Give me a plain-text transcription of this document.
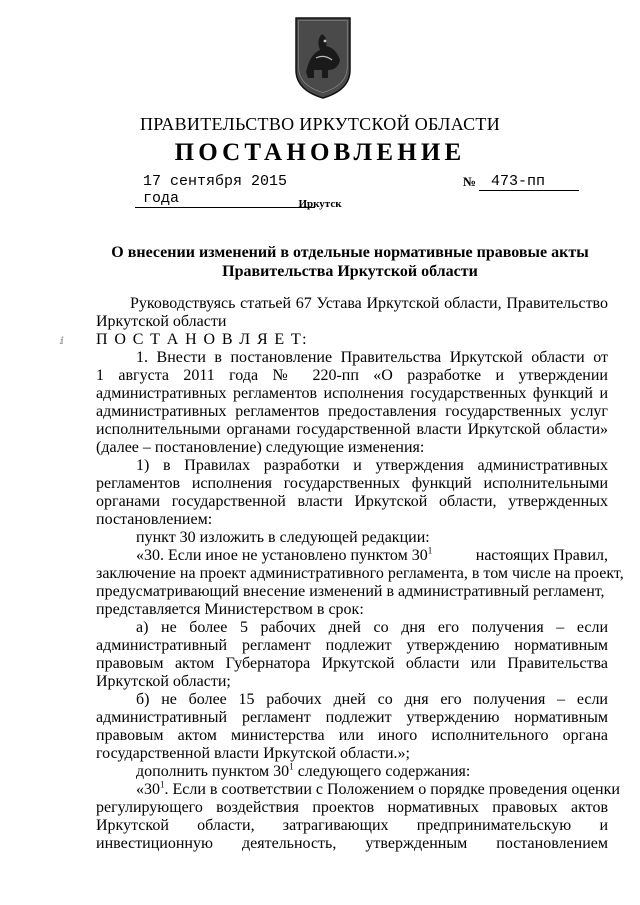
ПРАВИТЕЛЬСТВО ИРКУТСКОЙ ОБЛАСТИ
ПОСТАНОВЛЕНИЕ
17 сентября 2015 года
№ 473-пп
Иркутск
О внесении изменений в отдельные нормативные правовые акты
Правительства Иркутской области
ⅈ
Руководствуясь статьей 67 Устава Иркутской области, Правительство
Иркутской области
П О С Т А Н О В Л Я Е Т:
1. Внести в постановление Правительства Иркутской области от
1 августа 2011 года № 220-пп «О разработке и утверждении
административных регламентов исполнения государственных функций и
административных регламентов предоставления государственных услуг
исполнительными органами государственной власти Иркутской области»
(далее – постановление) следующие изменения:
1) в Правилах разработки и утверждения административных
регламентов исполнения государственных функций исполнительными
органами государственной власти Иркутской области, утвержденных
постановлением:
пункт 30 изложить в следующей редакции:
«30. Если иное не установлено пунктом $30^1$	настоящих Правил,
заключение на проект административного регламента, в том числе на проект,
предусматривающий внесение изменений в административный регламент,
представляется Министерством в срок:
а) не более 5 рабочих дней со дня его получения – если
административный регламент подлежит утверждению нормативным
правовым актом Губернатора Иркутской области или Правительства
Иркутской области;
б) не более 15 рабочих дней со дня его получения – если
административный регламент подлежит утверждению нормативным
правовым актом министерства или иного исполнительного органа
государственной власти Иркутской области.»;
дополнить пунктом $30^1$ следующего содержания:
«$30^1$. Если в соответствии с Положением о порядке проведения оценки
регулирующего воздействия проектов нормативных правовых актов
Иркутской области, затрагивающих предпринимательскую и
инвестиционную деятельность, утвержденным постановлением
